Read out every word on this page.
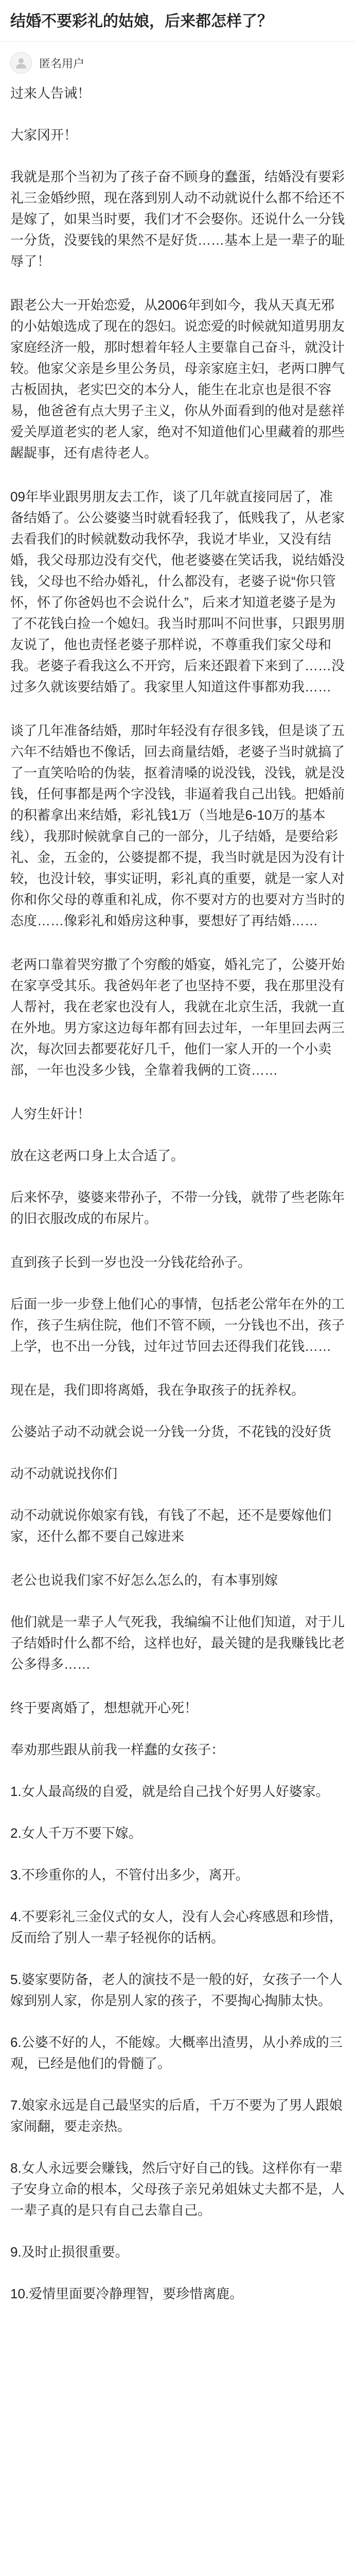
结婚不要彩礼的姑娘，后来都怎样了？
匿名用户

过来人告诫！

大家冈开！

我就是那个当初为了孩子奋不顾身的蠢蛋，结婚没有要彩礼三金婚纱照，现在落到别人动不动就说什么都不给还不是嫁了，如果当时要，我们才不会娶你。还说什么一分钱一分货，没要钱的果然不是好货……基本上是一辈子的耻辱了！

跟老公大一开始恋爱，从2006年到如今，我从天真无邪的小姑娘选成了现在的怨妇。说恋爱的时候就知道男朋友家庭经济一般，那时想着年轻人主要靠自己奋斗，就没计较。他家父亲是乡里公务员，母亲家庭主妇，老两口脾气古板固执，老实巴交的本分人，能生在北京也是很不容易，他爸爸有点大男子主义，你从外面看到的他对是慈祥爱关厚道老实的老人家，绝对不知道他们心里藏着的那些龌龊事，还有虐待老人。

09年毕业跟男朋友去工作，谈了几年就直接同居了，准备结婚了。公公婆婆当时就看轻我了，低贱我了，从老家去看我们的时候就数动我怀孕，我说才毕业，又没有结婚，我父母那边没有交代，他老婆婆在笑话我，说结婚没钱，父母也不给办婚礼，什么都没有，老婆子说“你只管怀，怀了你爸妈也不会说什么”，后来才知道老婆子是为了不花钱白捡一个媳妇。我当时那叫不问世事，只跟男朋友说了，他也责怪老婆子那样说，不尊重我们家父母和我。老婆子看我这么不开窍，后来还跟着下来到了……没过多久就该要结婚了。我家里人知道这件事都劝我……

谈了几年准备结婚，那时年轻没有存很多钱，但是谈了五六年不结婚也不像话，回去商量结婚，老婆子当时就搞了了一直笑哈哈的伪装，抠着清嗓的说没钱，没钱，就是没钱，任何事都是两个字没钱，非逼着我自己出钱。把婚前的积蓄拿出来结婚，彩礼钱1万（当地是6-10万的基本线），我那时候就拿自己的一部分，儿子结婚，是要给彩礼、金，五金的，公婆提都不提，我当时就是因为没有计较，也没计较，事实证明，彩礼真的重要，就是一家人对你和你父母的尊重和礼成，你不要对方的也要对方当时的态度……像彩礼和婚房这种事，要想好了再结婚……

老两口靠着哭穷撒了个穷酸的婚宴，婚礼完了，公婆开始在家享受其乐。我爸妈年老了也坚持不要，我在那里没有人帮衬，我在老家也没有人，我就在北京生活，我就一直在外地。男方家这边每年都有回去过年，一年里回去两三次，每次回去都要花好几千，他们一家人开的一个小卖部，一年也没多少钱，全靠着我俩的工资……

人穷生奸计！

放在这老两口身上太合适了。

后来怀孕，婆婆来带孙子，不带一分钱，就带了些老陈年的旧衣服改成的布尿片。

直到孩子长到一岁也没一分钱花给孙子。

后面一步一步登上他们心的事情，包括老公常年在外的工作，孩子生病住院，他们不管不顾，一分钱也不出，孩子上学，也不出一分钱，过年过节回去还得我们花钱……

现在是，我们即将离婚，我在争取孩子的抚养权。

公婆站子动不动就会说一分钱一分货，不花钱的没好货

动不动就说找你们

动不动就说你娘家有钱，有钱了不起，还不是要嫁他们家，还什么都不要自己嫁进来

老公也说我们家不好怎么怎么的，有本事别嫁

他们就是一辈子人气死我，我编编不让他们知道，对于儿子结婚时什么都不给，这样也好，最关键的是我赚钱比老公多得多……

终于要离婚了，想想就开心死！

奉劝那些跟从前我一样蠢的女孩子：

1.女人最高级的自爱，就是给自己找个好男人好婆家。

2.女人千万不要下嫁。

3.不珍重你的人，不管付出多少，离开。

4.不要彩礼三金仪式的女人，没有人会心疼感恩和珍惜，反而给了别人一辈子轻视你的话柄。

5.婆家要防备，老人的演技不是一般的好，女孩子一个人嫁到别人家，你是别人家的孩子，不要掏心掏肺太快。

6.公婆不好的人，不能嫁。大概率出渣男，从小养成的三观，已经是他们的骨髓了。

7.娘家永远是自己最坚实的后盾，千万不要为了男人跟娘家闹翻，要走亲热。

8.女人永远要会赚钱，然后守好自己的钱。这样你有一辈子安身立命的根本，父母孩子亲兄弟姐妹丈夫都不是，人一辈子真的是只有自己去靠自己。

9.及时止损很重要。

10.爱情里面要冷静理智，要珍惜离鹿。
